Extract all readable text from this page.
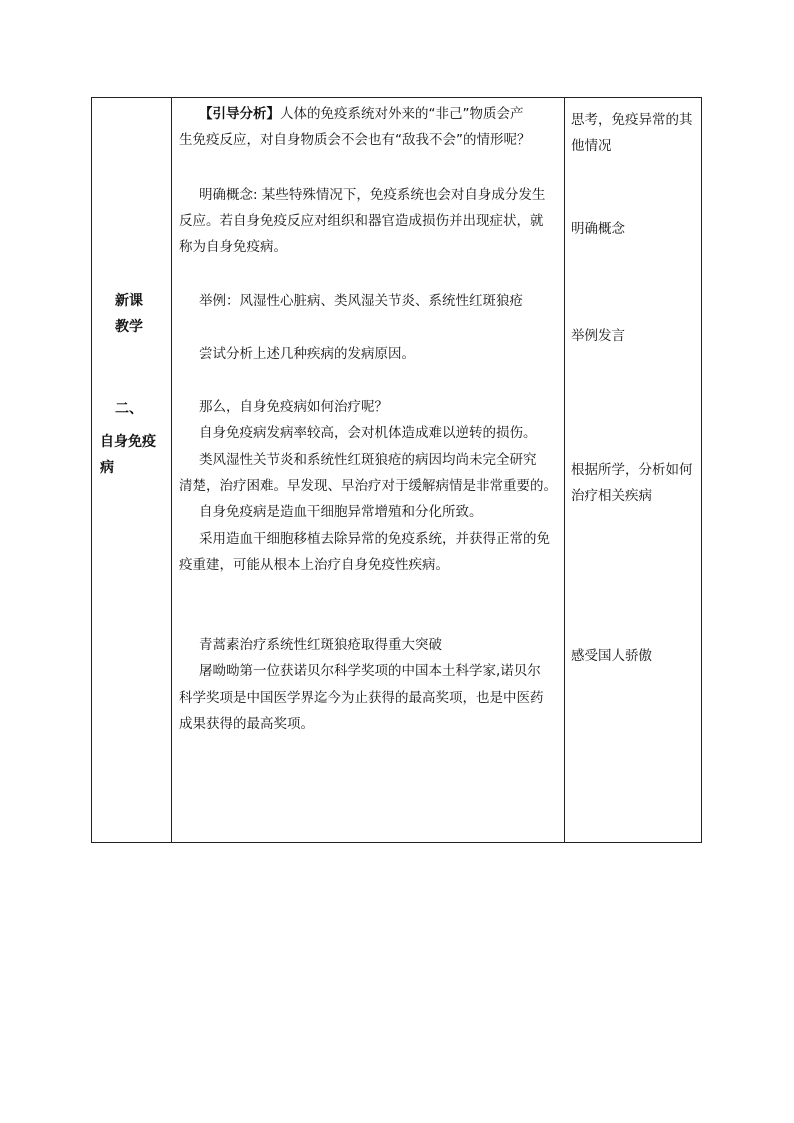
新课
教学
二、
自身免疫
病
【引导分析】人体的免疫系统对外来的“非己”物质会产
生免疫反应，对自身物质会不会也有“敌我不会”的情形呢？
明确概念: 某些特殊情况下，免疫系统也会对自身成分发生
反应。若自身免疫反应对组织和器官造成损伤并出现症状，就
称为自身免疫病。
举例：风湿性心脏病、类风湿关节炎、系统性红斑狼疮
尝试分析上述几种疾病的发病原因。
那么，自身免疫病如何治疗呢？
自身免疫病发病率较高，会对机体造成难以逆转的损伤。
类风湿性关节炎和系统性红斑狼疮的病因均尚未完全研究
清楚，治疗困难。早发现、早治疗对于缓解病情是非常重要的。
自身免疫病是造血干细胞异常增殖和分化所致。
采用造血干细胞移植去除异常的免疫系统，并获得正常的免
疫重建，可能从根本上治疗自身免疫性疾病。
青蒿素治疗系统性红斑狼疮取得重大突破
屠呦呦第一位获诺贝尔科学奖项的中国本土科学家,诺贝尔
科学奖项是中国医学界迄今为止获得的最高奖项，也是中医药
成果获得的最高奖项。
思考，免疫异常的其
他情况
明确概念
举例发言
根据所学，分析如何
治疗相关疾病
感受国人骄傲
